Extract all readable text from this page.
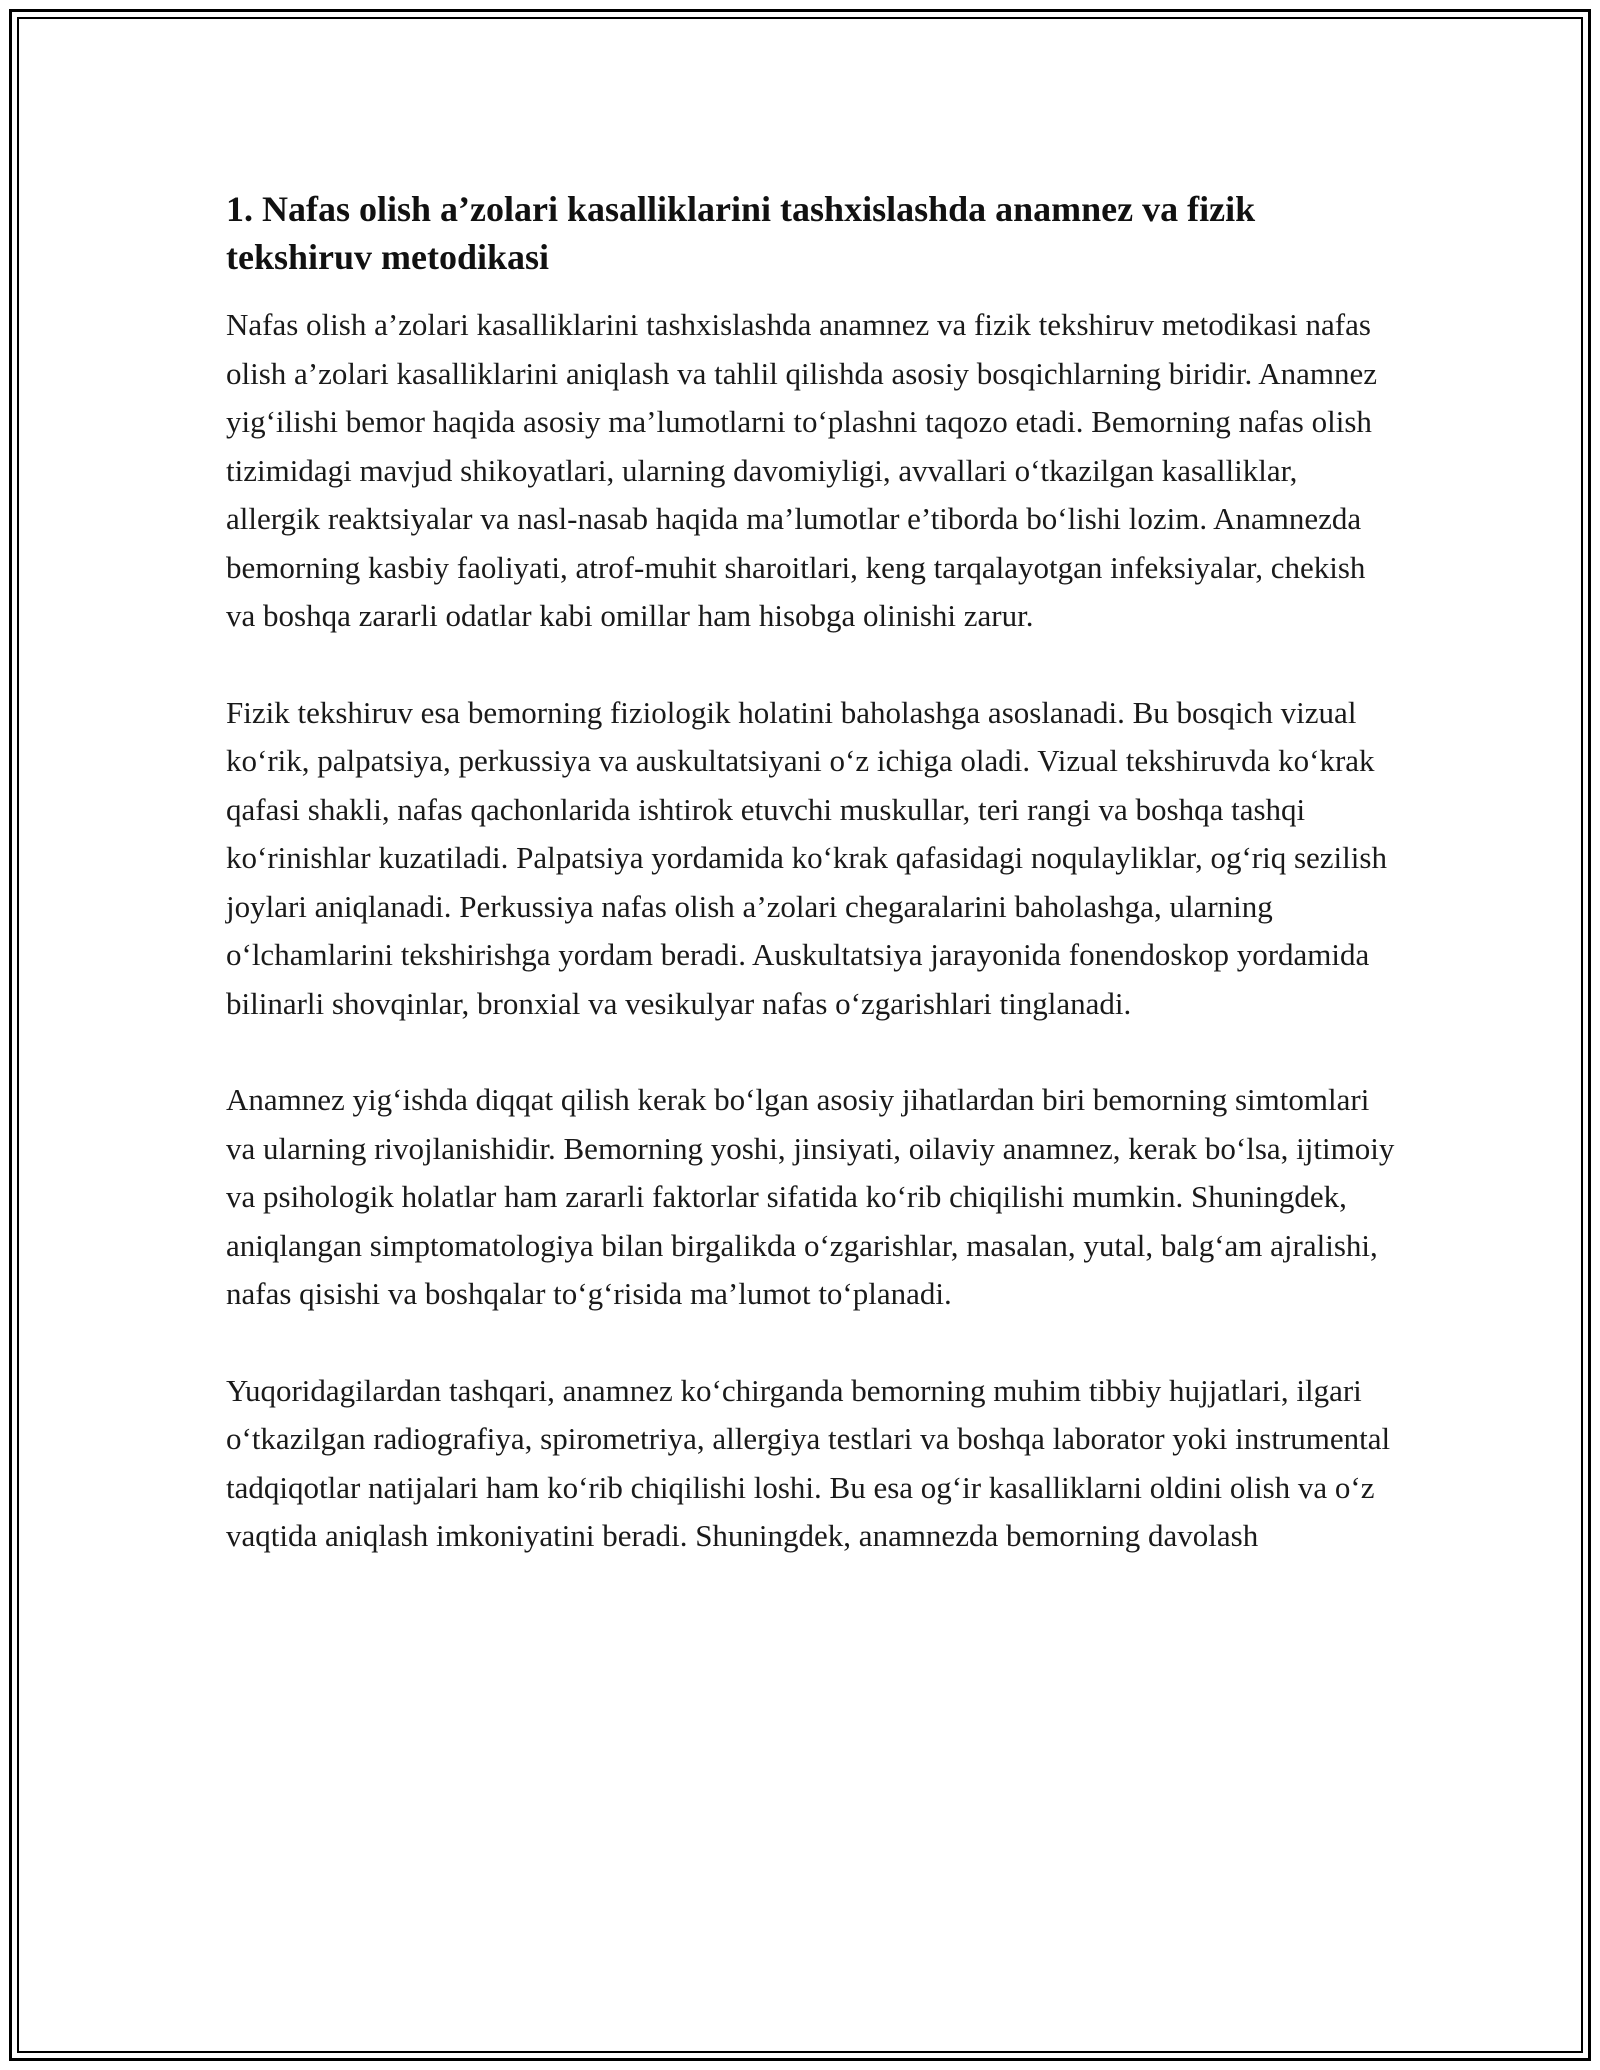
1. Nafas olish a’zolari kasalliklarini tashxislashda anamnez va fizik tekshiruv metodikasi

Nafas olish a’zolari kasalliklarini tashxislashda anamnez va fizik tekshiruv metodikasi nafas olish a’zolari kasalliklarini aniqlash va tahlil qilishda asosiy bosqichlarning biridir. Anamnez yig‘ilishi bemor haqida asosiy ma’lumotlarni to‘plashni taqozo etadi. Bemorning nafas olish tizimidagi mavjud shikoyatlari, ularning davomiyligi, avvallari o‘tkazilgan kasalliklar, allergik reaktsiyalar va nasl-nasab haqida ma’lumotlar e’tiborda bo‘lishi lozim. Anamnezda bemorning kasbiy faoliyati, atrof-muhit sharoitlari, keng tarqalayotgan infeksiyalar, chekish va boshqa zararli odatlar kabi omillar ham hisobga olinishi zarur.

Fizik tekshiruv esa bemorning fiziologik holatini baholashga asoslanadi. Bu bosqich vizual ko‘rik, palpatsiya, perkussiya va auskultatsiyani o‘z ichiga oladi. Vizual tekshiruvda ko‘krak qafasi shakli, nafas qachonlarida ishtirok etuvchi muskullar, teri rangi va boshqa tashqi ko‘rinishlar kuzatiladi. Palpatsiya yordamida ko‘krak qafasidagi noqulayliklar, og‘riq sezilish joylari aniqlanadi. Perkussiya nafas olish a’zolari chegaralarini baholashga, ularning o‘lchamlarini tekshirishga yordam beradi. Auskultatsiya jarayonida fonendoskop yordamida bilinarli shovqinlar, bronxial va vesikulyar nafas o‘zgarishlari tinglanadi.

Anamnez yig‘ishda diqqat qilish kerak bo‘lgan asosiy jihatlardan biri bemorning simtomlari va ularning rivojlanishidir. Bemorning yoshi, jinsiyati, oilaviy anamnez, kerak bo‘lsa, ijtimoiy va psihologik holatlar ham zararli faktorlar sifatida ko‘rib chiqilishi mumkin. Shuningdek, aniqlangan simptomatologiya bilan birgalikda o‘zgarishlar, masalan, yutal, balg‘am ajralishi, nafas qisishi va boshqalar to‘g‘risida ma’lumot to‘planadi.

Yuqoridagilardan tashqari, anamnez ko‘chirganda bemorning muhim tibbiy hujjatlari, ilgari o‘tkazilgan radiografiya, spirometriya, allergiya testlari va boshqa laborator yoki instrumental tadqiqotlar natijalari ham ko‘rib chiqilishi loshi. Bu esa og‘ir kasalliklarni oldini olish va o‘z vaqtida aniqlash imkoniyatini beradi. Shuningdek, anamnezda bemorning davolash
